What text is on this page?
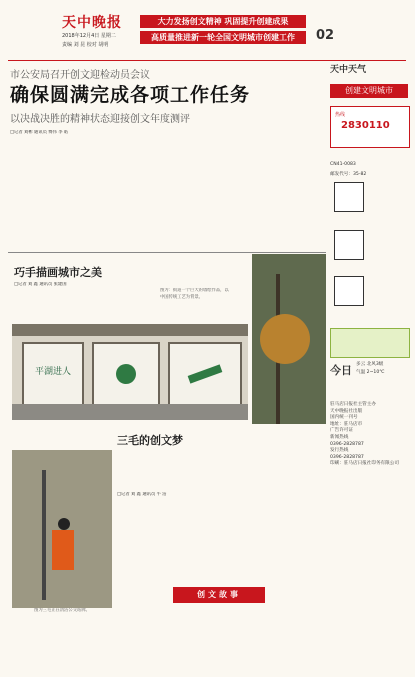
天中晚报
2018年12月4日 星期二
责编 刘 昆 校对 胡明
大力发扬创文精神 巩固提升创建成果
高质量推进新一轮全国文明城市创建工作	02
市公安局召开创文迎检动员会议
确保圆满完成各项工作任务
以决战决胜的精神状态迎接创文年度测评
□记者 刘彬 通讯员 傅伟 李 皓
巧手描画城市之美
□记者 刘 鑫 通讯员 张建国
图为：街道一个巨大的墙绘作品，以中国传统工艺为背景。
平湖进人
三毛的创文梦
图为三毛正在清洁公交站牌。
□记者 刘 鑫 通讯员 牛 洁
创文故事
天中天气
创建文明城市
热线
2830110
CN41-0083
邮发代号：35-82
今日 多云 北风3级
气温 2~10℃
驻马店日报社主管主办
天中晚报社出版
国内统一刊号
地址：驻马店市
广告许可证
新闻热线
0396-2828787
发行热线
0396-2828787
印刷：驻马店日报社印务有限公司
